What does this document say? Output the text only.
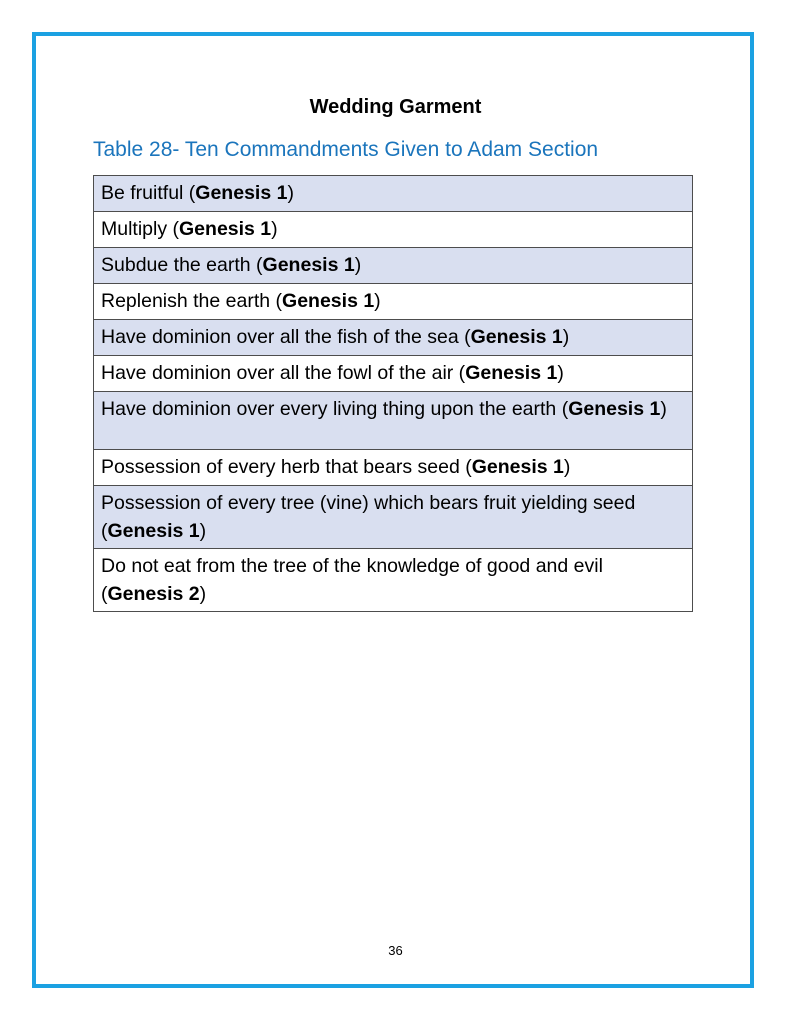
Wedding Garment
Table 28- Ten Commandments Given to Adam Section
Be fruitful (Genesis 1)
Multiply (Genesis 1)
Subdue the earth (Genesis 1)
Replenish the earth (Genesis 1)
Have dominion over all the fish of the sea (Genesis 1)
Have dominion over all the fowl of the air (Genesis 1)
Have dominion over every living thing upon the earth (Genesis 1)
Possession of every herb that bears seed (Genesis 1)
Possession of every tree (vine) which bears fruit yielding seed (Genesis 1)
Do not eat from the tree of the knowledge of good and evil (Genesis 2)
36
